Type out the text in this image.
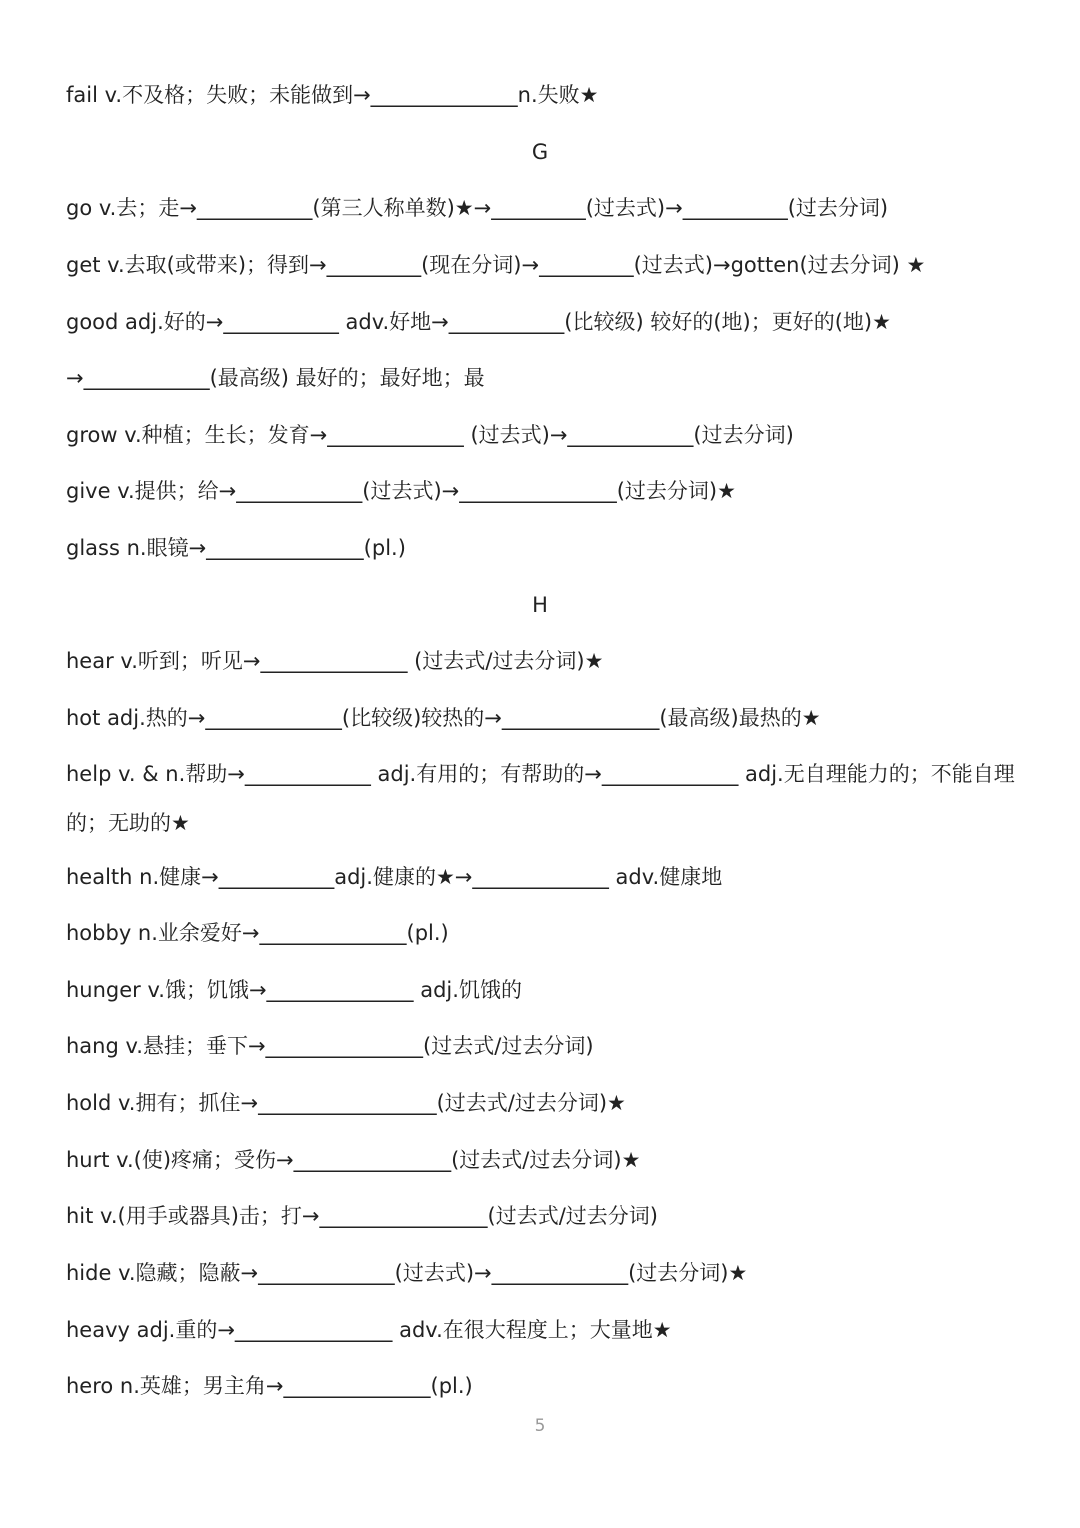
fail v.不及格；失败；未能做到→______________n.失败★
G
go v.去；走→___________(第三人称单数)★→_________(过去式)→__________(过去分词)
get v.去取(或带来)；得到→_________(现在分词)→_________(过去式)→gotten(过去分词) ★
good adj.好的→___________ adv.好地→___________(比较级) 较好的(地)；更好的(地)★
→____________(最高级) 最好的；最好地；最
grow v.种植；生长；发育→_____________ (过去式)→____________(过去分词)
give v.提供；给→____________(过去式)→_______________(过去分词)★
glass n.眼镜→_______________(pl.)
H
hear v.听到；听见→______________ (过去式/过去分词)★
hot adj.热的→_____________(比较级)较热的→_______________(最高级)最热的★
help v. & n.帮助→____________ adj.有用的；有帮助的→_____________ adj.无自理能力的；不能自理的；无助的★
health n.健康→___________adj.健康的★→_____________ adv.健康地
hobby n.业余爱好→______________(pl.)
hunger v.饿；饥饿→______________ adj.饥饿的
hang v.悬挂；垂下→_______________(过去式/过去分词)
hold v.拥有；抓住→_________________(过去式/过去分词)★
hurt v.(使)疼痛；受伤→_______________(过去式/过去分词)★
hit v.(用手或器具)击；打→________________(过去式/过去分词)
hide v.隐藏；隐蔽→_____________(过去式)→_____________(过去分词)★
heavy adj.重的→_______________ adv.在很大程度上；大量地★
hero n.英雄；男主角→______________(pl.)
5
